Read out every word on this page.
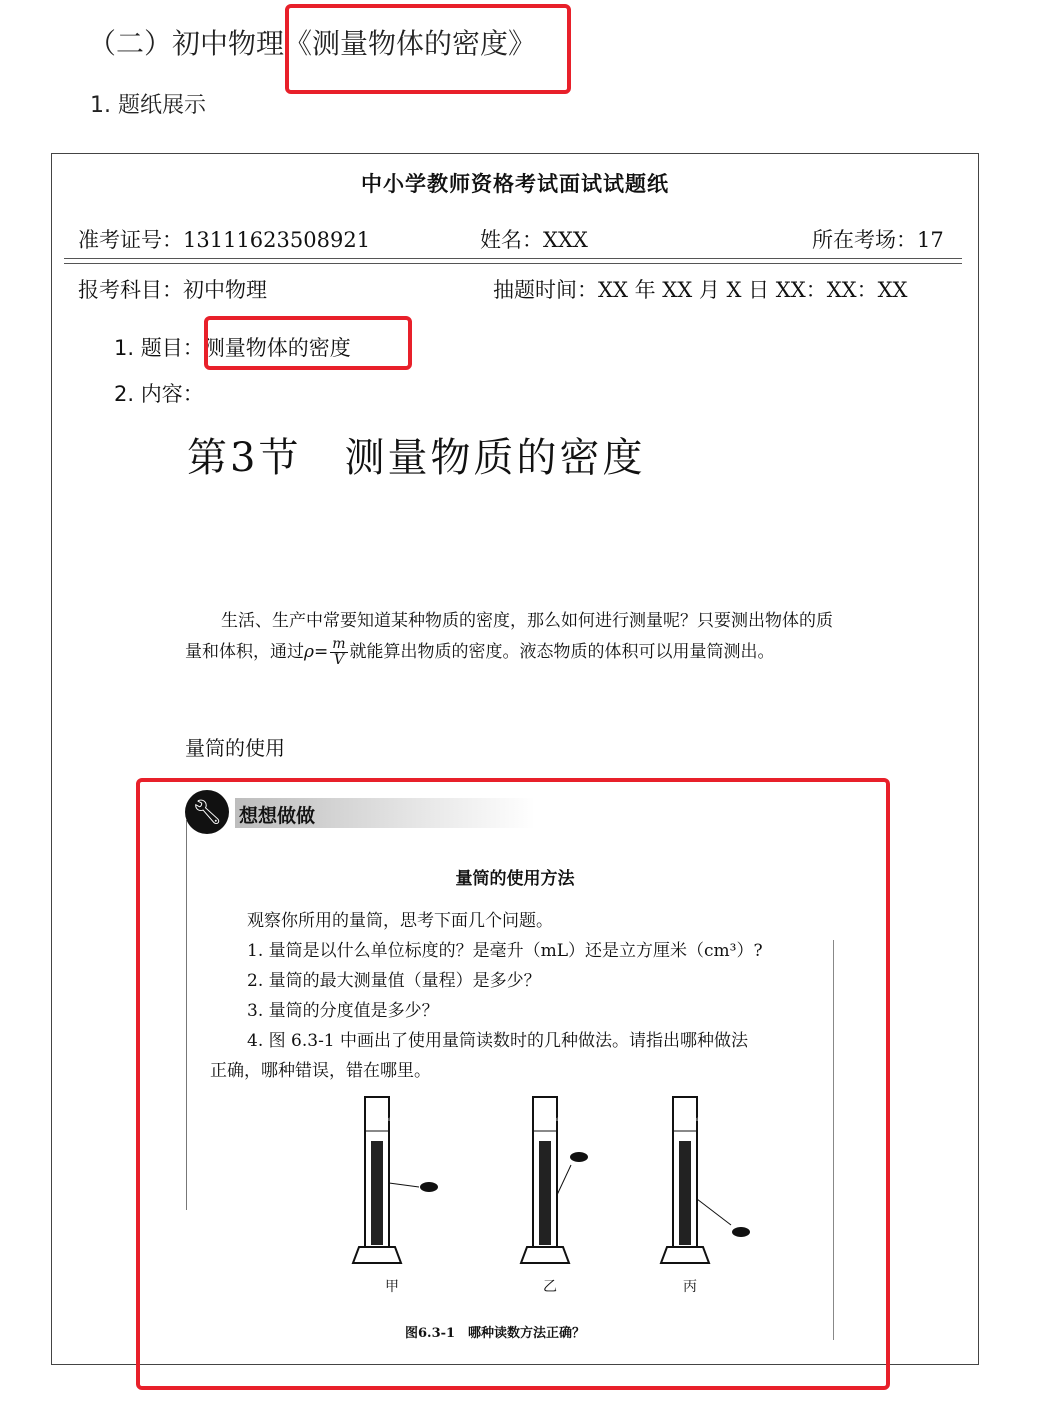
（二）初中物理《测量物体的密度》
1. 题纸展示
中小学教师资格考试面试试题纸
准考证号：13111623508921	姓名：XXX	所在考场：17
报考科目：初中物理	抽题时间：XX 年 XX 月 X 日 XX：XX：XX
1. 题目：测量物体的密度
2. 内容：
第3节　测量物质的密度
生活、生产中常要知道某种物质的密度，那么如何进行测量呢？只要测出物体的质量和体积，通过$\rho= \frac{m}{V}$ 就能算出物质的密度。液态物质的体积可以用量筒测出。
量筒的使用
想想做做
🔧︎
量筒的使用方法
观察你所用的量筒，思考下面几个问题。
1. 量筒是以什么单位标度的？是毫升（mL）还是立方厘米（cm³）?
2. 量筒的最大测量值（量程）是多少？
3. 量筒的分度值是多少？
4. 图 6.3-1 中画出了使用量筒读数时的几种做法。请指出哪种做法
正确，哪种错误，错在哪里。
℃20 100ml	℃20 100ml	℃20 100ml
甲	乙	丙
图6.3-1　哪种读数方法正确？
